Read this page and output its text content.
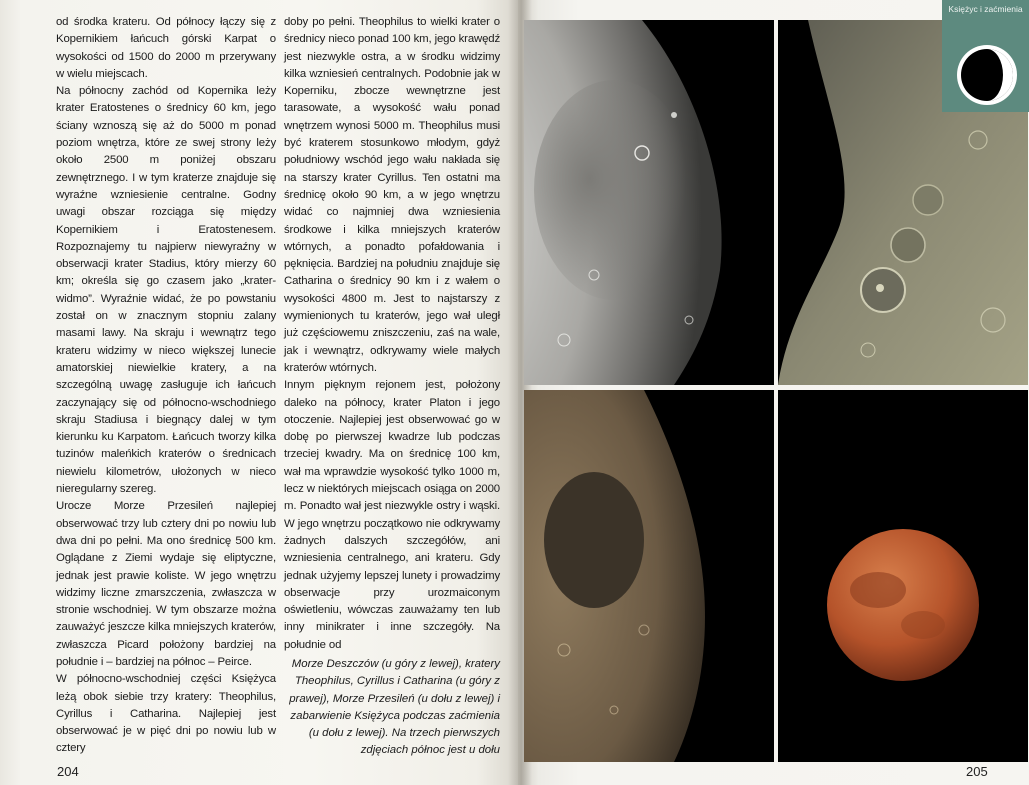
od środka krateru. Od północy łączy się z Kopernikiem łańcuch górski Karpat o wysokości od 1500 do 2000 m przerywany w wielu miejscach.

Na północny zachód od Kopernika leży krater Eratostenes o średnicy 60 km, jego ściany wznoszą się aż do 5000 m ponad poziom wnętrza, które ze swej strony leży około 2500 m poniżej obszaru zewnętrznego. I w tym kraterze znajduje się wyraźne wzniesienie centralne. Godny uwagi obszar rozciąga się między Kopernikiem i Eratostenesem. Rozpoznajemy tu najpierw niewyraźny w obserwacji krater Stadius, który mierzy 60 km; określa się go czasem jako „krater-widmo”. Wyraźnie widać, że po powstaniu został on w znacznym stopniu zalany masami lawy. Na skraju i wewnątrz tego krateru widzimy w nieco większej lunecie amatorskiej niewielkie kratery, a na szczególną uwagę zasługuje ich łańcuch zaczynający się od północno-wschodniego skraju Stadiusa i biegnący dalej w tym kierunku ku Karpatom. Łańcuch tworzy kilka tuzinów maleńkich kraterów o średnicach niewielu kilometrów, ułożonych w nieco nieregularny szereg.

Urocze Morze Przesileń najlepiej obserwować trzy lub cztery dni po nowiu lub dwa dni po pełni. Ma ono średnicę 500 km. Oglądane z Ziemi wydaje się eliptyczne, jednak jest prawie koliste. W jego wnętrzu widzimy liczne zmarszczenia, zwłaszcza w stronie wschodniej. W tym obszarze można zauważyć jeszcze kilka mniejszych kraterów, zwłaszcza Picard położony bardziej na południe i – bardziej na północ – Peirce.

W północno-wschodniej części Księżyca leżą obok siebie trzy kratery: Theophilus, Cyrillus i Catharina. Najlepiej jest obserwować je w pięć dni po nowiu lub w cztery

doby po pełni. Theophilus to wielki krater o średnicy nieco ponad 100 km, jego krawędź jest niezwykle ostra, a w środku widzimy kilka wzniesień centralnych. Podobnie jak w Koperniku, zbocze wewnętrzne jest tarasowate, a wysokość wału ponad wnętrzem wynosi 5000 m. Theophilus musi być kraterem stosunkowo młodym, gdyż południowy wschód jego wału nakłada się na starszy krater Cyrillus. Ten ostatni ma średnicę około 90 km, a w jego wnętrzu widać co najmniej dwa wzniesienia środkowe i kilka mniejszych kraterów wtórnych, a ponadto pofałdowania i pęknięcia. Bardziej na południu znajduje się Catharina o średnicy 90 km i z wałem o wysokości 4800 m. Jest to najstarszy z wymienionych tu kraterów, jego wał uległ już częściowemu zniszczeniu, zaś na wale, jak i wewnątrz, odkrywamy wiele małych kraterów wtórnych.

Innym pięknym rejonem jest, położony daleko na północy, krater Platon i jego otoczenie. Najlepiej jest obserwować go w dobę po pierwszej kwadrze lub podczas trzeciej kwadry. Ma on średnicę 100 km, wał ma wprawdzie wysokość tylko 1000 m, lecz w niektórych miejscach osiąga on 2000 m. Ponadto wał jest niezwykle ostry i wąski. W jego wnętrzu początkowo nie odkrywamy żadnych dalszych szczegółów, ani wzniesienia centralnego, ani krateru. Gdy jednak użyjemy lepszej lunety i prowadzimy obserwacje przy urozmaiconym oświetleniu, wówczas zauważamy ten lub inny minikrater i inne szczegóły. Na południe od

Morze Deszczów (u góry z lewej), kratery Theophilus, Cyrillus i Catharina (u góry z prawej), Morze Przesileń (u dołu z lewej) i zabarwienie Księżyca podczas zaćmienia (u dołu z lewej). Na trzech pierwszych zdjęciach północ jest u dołu
204
Księżyc i zaćmienia
205
